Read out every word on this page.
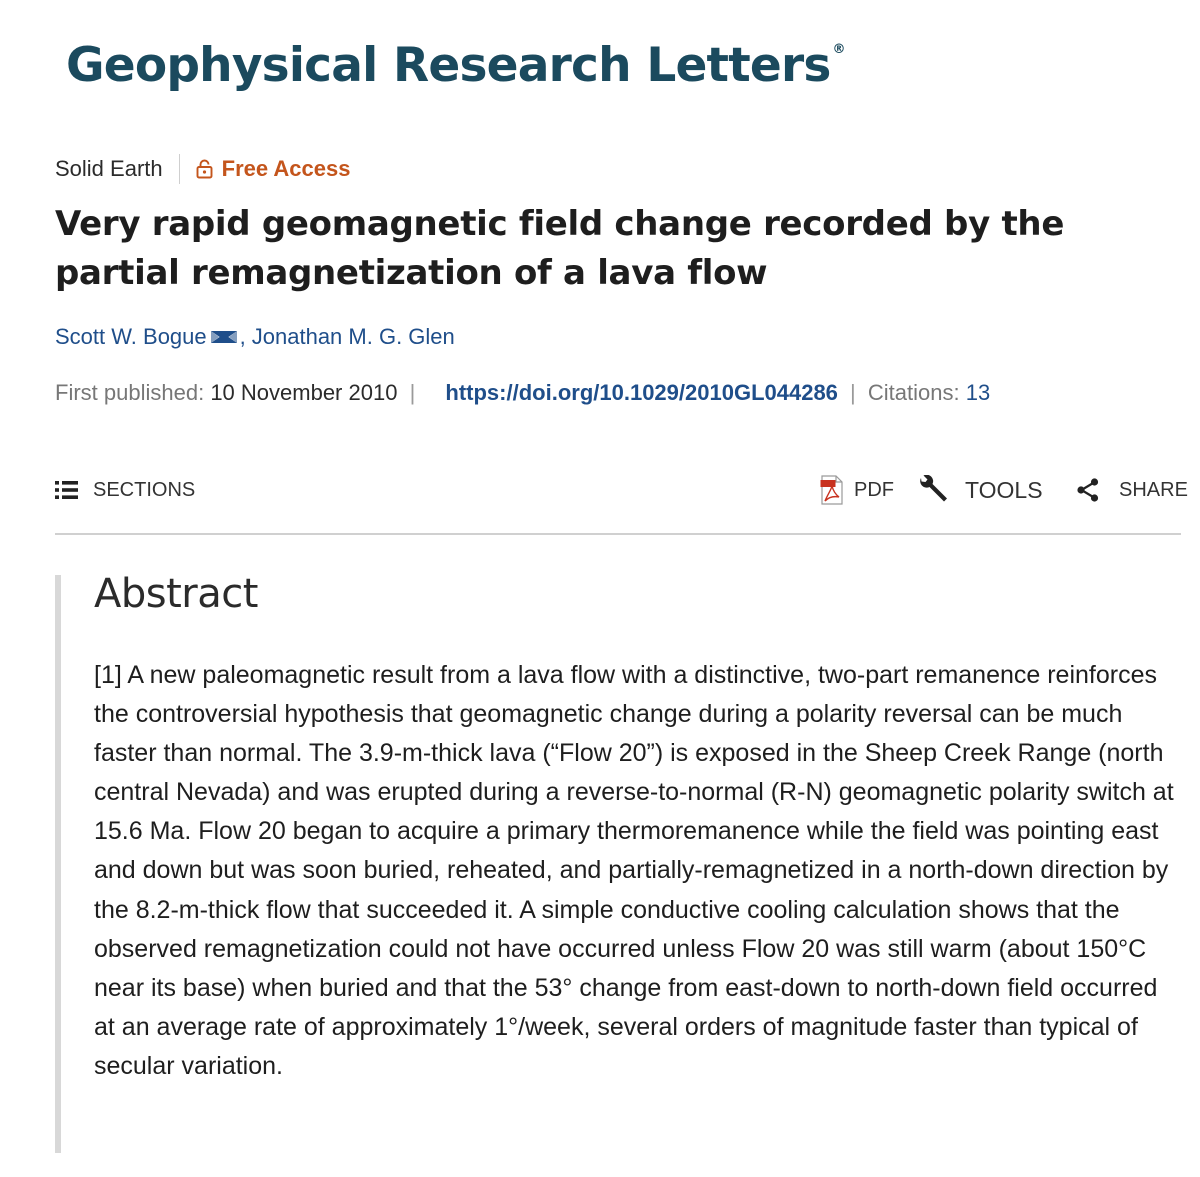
Geophysical Research Letters ®
Solid Earth	Free Access
Very rapid geomagnetic field change recorded by the partial remagnetization of a lava flow
Scott W. Bogue , Jonathan M. G. Glen
First published: 10 November 2010 | https://doi.org/10.1029/2010GL044286 | Citations: 13
SECTIONS	PDF	TOOLS	SHARE
Abstract

[1] A new paleomagnetic result from a lava flow with a distinctive, two-part remanence reinforces the controversial hypothesis that geomagnetic change during a polarity reversal can be much faster than normal. The 3.9-m-thick lava (“Flow 20”) is exposed in the Sheep Creek Range (north central Nevada) and was erupted during a reverse-to-normal (R-N) geomagnetic polarity switch at 15.6 Ma. Flow 20 began to acquire a primary thermoremanence while the field was pointing east and down but was soon buried, reheated, and partially-remagnetized in a north-down direction by the 8.2-m-thick flow that succeeded it. A simple conductive cooling calculation shows that the observed remagnetization could not have occurred unless Flow 20 was still warm (about 150°C near its base) when buried and that the 53° change from east-down to north-down field occurred at an average rate of approximately 1°/week, several orders of magnitude faster than typical of secular variation.
